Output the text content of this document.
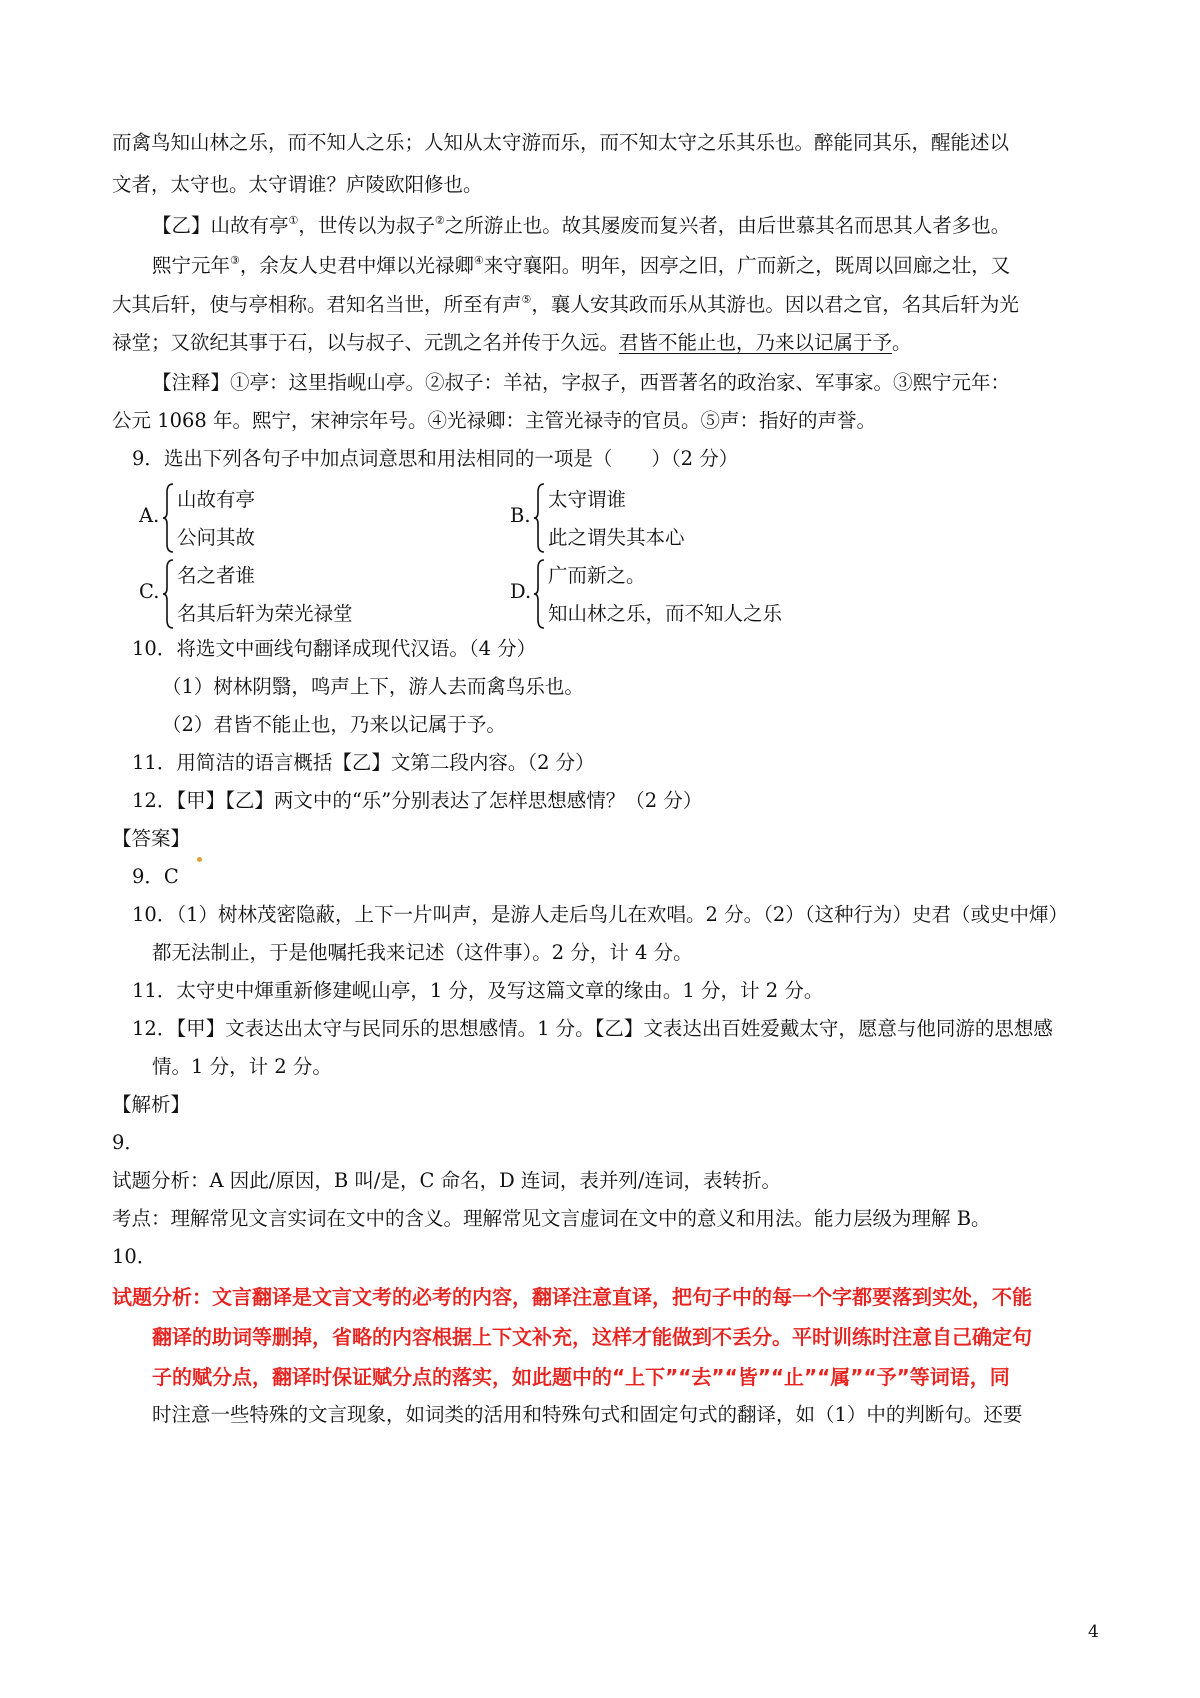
而禽鸟知山林之乐，而不知人之乐；人知从太守游而乐，而不知太守之乐其乐也。醉能同其乐，醒能述以
文者，太守也。太守谓谁？庐陵欧阳修也。
【乙】山故有亭①，世传以为叔子②之所游止也。故其屡废而复兴者，由后世慕其名而思其人者多也。
熙宁元年③，余友人史君中煇以光禄卿④来守襄阳。明年，因亭之旧，广而新之，既周以回廊之壮，又
大其后轩，使与亭相称。君知名当世，所至有声⑤，襄人安其政而乐从其游也。因以君之官，名其后轩为光
禄堂；又欲纪其事于石，以与叔子、元凯之名并传于久远。君皆不能止也，乃来以记属于予。
【注释】①亭：这里指岘山亭。②叔子：羊祜，字叔子，西晋著名的政治家、军事家。③熙宁元年：
公元 1068 年。熙宁，宋神宗年号。④光禄卿：主管光禄寺的官员。⑤声：指好的声誉。
9．选出下列各句子中加点词意思和用法相同的一项是（　　）（2 分）
A.
山故有亭
公问其故
B.
太守谓谁
此之谓失其本心
C.
名之者谁
名其后轩为荣光禄堂
D.
广而新之。
知山林之乐，而不知人之乐
10．将选文中画线句翻译成现代汉语。（4 分）
（1）树林阴翳，鸣声上下，游人去而禽鸟乐也。
（2）君皆不能止也，乃来以记属于予。
11．用简洁的语言概括【乙】文第二段内容。（2 分）
12．【甲】【乙】两文中的“乐”分别表达了怎样思想感情？（2 分）
【答案】
9．C
10．（1）树林茂密隐蔽，上下一片叫声，是游人走后鸟儿在欢唱。2 分。（2）（这种行为）史君（或史中煇）
都无法制止，于是他嘱托我来记述（这件事）。2 分，计 4 分。
11．太守史中煇重新修建岘山亭，1 分，及写这篇文章的缘由。1 分，计 2 分。
12．【甲】文表达出太守与民同乐的思想感情。1 分。【乙】文表达出百姓爱戴太守，愿意与他同游的思想感
情。1 分，计 2 分。
【解析】
9．
试题分析：A 因此/原因，B 叫/是，C 命名，D 连词，表并列/连词，表转折。
考点：理解常见文言实词在文中的含义。理解常见文言虚词在文中的意义和用法。能力层级为理解 B。
10．
试题分析：文言翻译是文言文考的必考的内容，翻译注意直译，把句子中的每一个字都要落到实处，不能
翻译的助词等删掉，省略的内容根据上下文补充，这样才能做到不丢分。平时训练时注意自己确定句
子的赋分点，翻译时保证赋分点的落实，如此题中的“上下”“去”“皆”“止”“属”“予”等词语，同
时注意一些特殊的文言现象，如词类的活用和特殊句式和固定句式的翻译，如（1）中的判断句。还要
4
